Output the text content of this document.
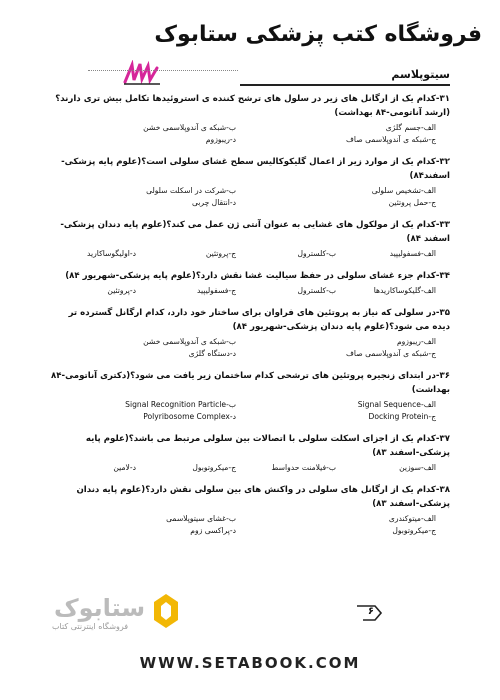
فروشگاه کتب پزشکی ستابوک
سیتوپلاسم
۳۱-کدام یک از ارگانل های زیر در سلول های ترشح کننده ی استروئیدها تکامل بیش تری دارند؟(ارشد آناتومی-۸۴ بهداشت)
الف-جسم گلژی
ب-شبکه ی آندوپلاسمی خشن
ج-شبکه ی آندوپلاسمی صاف
د-ریبوزوم
۳۲-کدام یک از موارد زیر از اعمال گلیکوکالیس سطح غشای سلولی است؟(علوم پایه پزشکی-اسفند۸۴)
الف-تشخیص سلولی
ب-شرکت در اسکلت سلولی
ج-حمل پروتئین
د-انتقال چربی
۳۳-کدام یک از مولکول های غشایی به عنوان آنتی ژن عمل می کند؟(علوم پایه دندان پزشکی-اسفند ۸۴)
الف-فسفولیپید
ب-کلسترول
ج-پروتئین
د-اولیگوساکارید
۳۴-کدام جزء غشای سلولی در حفظ سیالیت غشا نقش دارد؟(علوم پایه پزشکی-شهریور ۸۴)
الف-گلیکوساکاریدها
ب-کلسترول
ج-فسفولیپید
د-پروتئین
۳۵-در سلولی که نیاز به پروتئین های فراوان برای ساختار خود دارد، کدام ارگانل گسترده تر دیده می شود؟(علوم پایه دندان پزشکی-شهریور ۸۴)
الف-ریبوزوم
ب-شبکه ی آندوپلاسمی خشن
ج-شبکه ی آندوپلاسمی صاف
د-دستگاه گلژی
۳۶-در ابتدای زنجیره پروتئین های ترشحی کدام ساختمان زیر یافت می شود؟(دکتری آناتومی-۸۴ بهداشت)
الف-Signal Sequence
ب-Signal Recognition Particle
ج-Docking Protein
د-Polyribosome Complex
۳۷-کدام یک از اجزای اسکلت سلولی با اتصالات بین سلولی مرتبط می باشد؟(علوم پایه پزشکی-اسفند ۸۳)
الف-سوزین
ب-فیلامنت حدواسط
ج-میکروتوبول
د-لامین
۳۸-کدام یک از ارگانل های سلولی در واکنش های بین سلولی نقش دارد؟(علوم پایه دندان پزشکی-اسفند ۸۳)
الف-میتوکندری
ب-غشای سیتوپلاسمی
ج-میکروتوبول
د-پراکسی زوم
۶
ستابوک
فروشگاه اینترنتی کتاب
WWW.SETABOOK.COM
